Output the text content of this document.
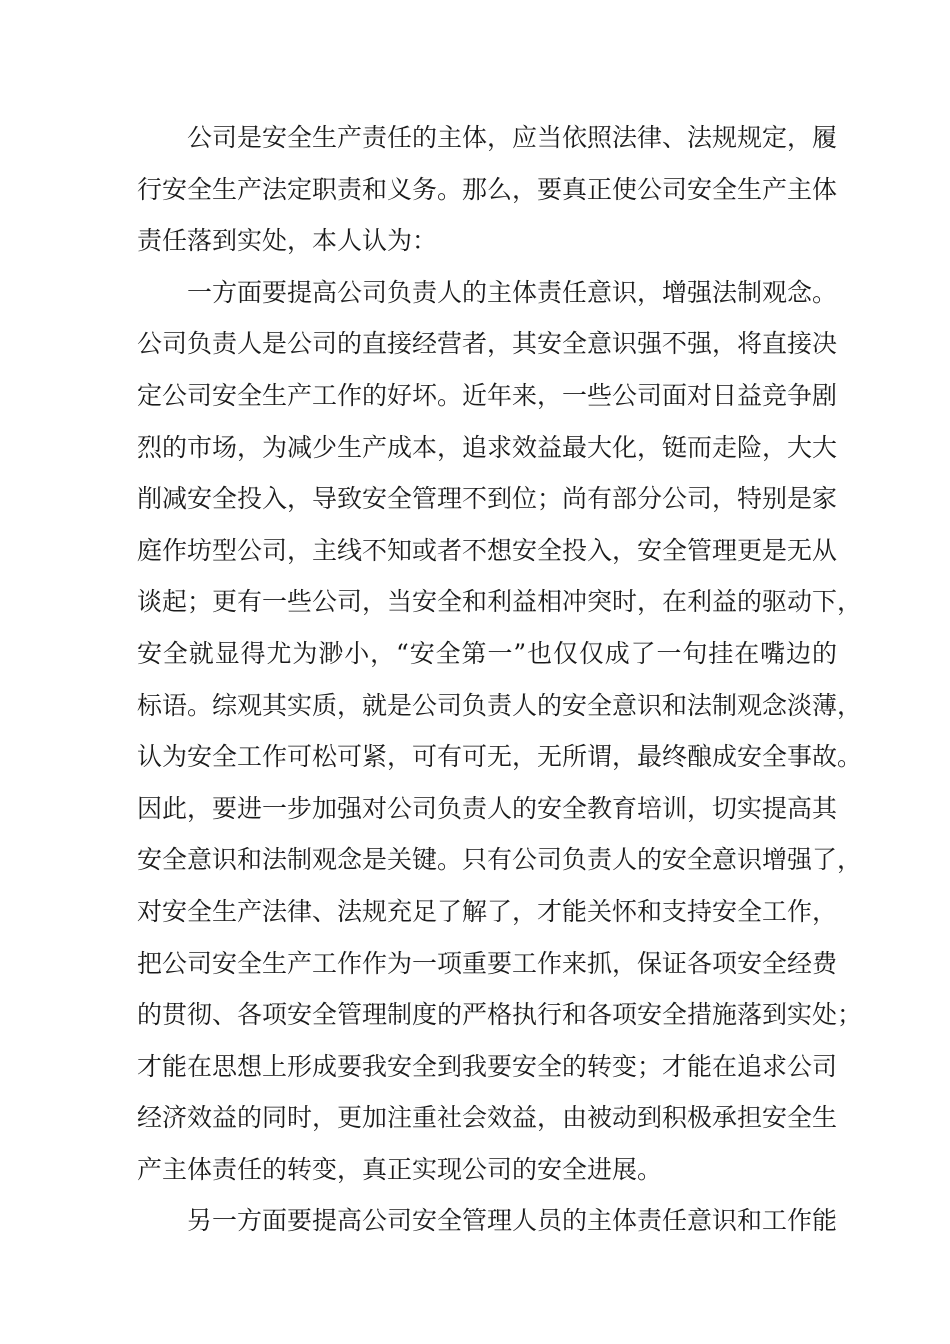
公司是安全生产责任的主体，应当依照法律、法规规定，履
行安全生产法定职责和义务。那么，要真正使公司安全生产主体
责任落到实处，本人认为：
一方面要提高公司负责人的主体责任意识，增强法制观念。
公司负责人是公司的直接经营者，其安全意识强不强，将直接决
定公司安全生产工作的好坏。近年来，一些公司面对日益竞争剧
烈的市场，为减少生产成本，追求效益最大化，铤而走险，大大
削减安全投入，导致安全管理不到位；尚有部分公司，特别是家
庭作坊型公司，主线不知或者不想安全投入，安全管理更是无从
谈起；更有一些公司，当安全和利益相冲突时，在利益的驱动下，
安全就显得尤为渺小，“安全第一”也仅仅成了一句挂在嘴边的
标语。综观其实质，就是公司负责人的安全意识和法制观念淡薄，
认为安全工作可松可紧，可有可无，无所谓，最终酿成安全事故。
因此，要进一步加强对公司负责人的安全教育培训，切实提高其
安全意识和法制观念是关键。只有公司负责人的安全意识增强了，
对安全生产法律、法规充足了解了，才能关怀和支持安全工作，
把公司安全生产工作作为一项重要工作来抓，保证各项安全经费
的贯彻、各项安全管理制度的严格执行和各项安全措施落到实处；
才能在思想上形成要我安全到我要安全的转变；才能在追求公司
经济效益的同时，更加注重社会效益，由被动到积极承担安全生
产主体责任的转变，真正实现公司的安全进展。
另一方面要提高公司安全管理人员的主体责任意识和工作能
